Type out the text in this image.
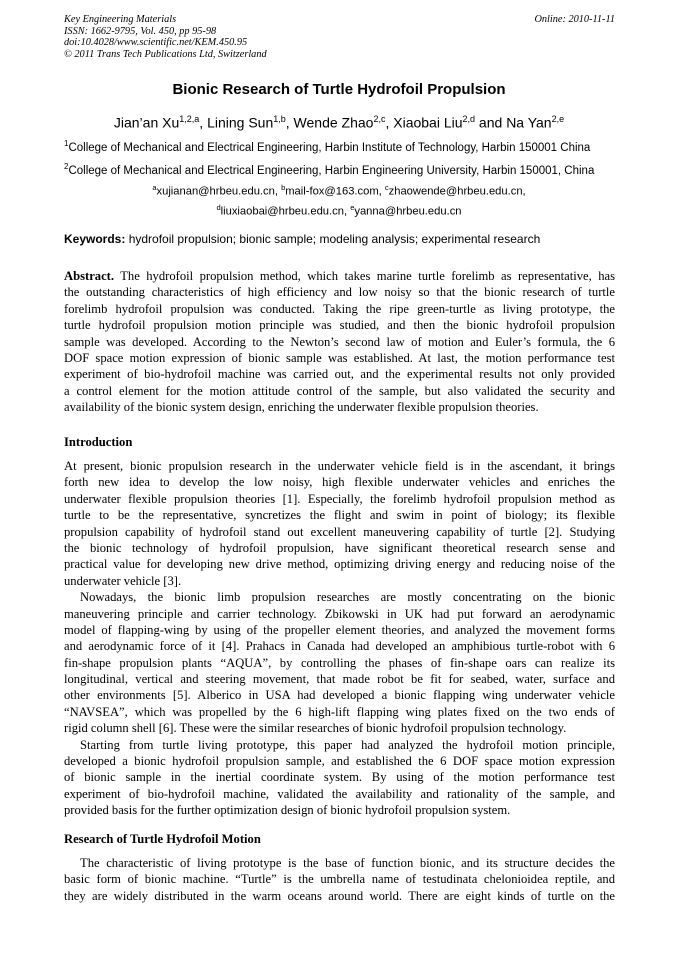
Key Engineering Materials
ISSN: 1662-9795, Vol. 450, pp 95-98
doi:10.4028/www.scientific.net/KEM.450.95
© 2011 Trans Tech Publications Ltd, Switzerland
Online: 2010-11-11
Bionic Research of Turtle Hydrofoil Propulsion
Jian’an Xu$^{1,2,a}$, Lining Sun$^{1,b}$, Wende Zhao$^{2,c}$, Xiaobai Liu$^{2,d}$ and Na Yan$^{2,e}$
$^1$College of Mechanical and Electrical Engineering, Harbin Institute of Technology, Harbin 150001 China
$^2$College of Mechanical and Electrical Engineering, Harbin Engineering University, Harbin 150001, China
$^a$xujianan@hrbeu.edu.cn, $^b$mail-fox@163.com, $^c$zhaowende@hrbeu.edu.cn,
$^d$liuxiaobai@hrbeu.edu.cn, $^e$yanna@hrbeu.edu.cn
Keywords: hydrofoil propulsion; bionic sample; modeling analysis; experimental research
Abstract. The hydrofoil propulsion method, which takes marine turtle forelimb as representative, has
the outstanding characteristics of high efficiency and low noisy so that the bionic research of turtle
forelimb hydrofoil propulsion was conducted. Taking the ripe green-turtle as living prototype, the
turtle hydrofoil propulsion motion principle was studied, and then the bionic hydrofoil propulsion
sample was developed. According to the Newton’s second law of motion and Euler’s formula, the 6
DOF space motion expression of bionic sample was established. At last, the motion performance test
experiment of bio-hydrofoil machine was carried out, and the experimental results not only provided
a control element for the motion attitude control of the sample, but also validated the security and
availability of the bionic system design, enriching the underwater flexible propulsion theories.
Introduction
At present, bionic propulsion research in the underwater vehicle field is in the ascendant, it brings
forth new idea to develop the low noisy, high flexible underwater vehicles and enriches the
underwater flexible propulsion theories [1]. Especially, the forelimb hydrofoil propulsion method as
turtle to be the representative, syncretizes the flight and swim in point of biology; its flexible
propulsion capability of hydrofoil stand out excellent maneuvering capability of turtle [2]. Studying
the bionic technology of hydrofoil propulsion, have significant theoretical research sense and
practical value for developing new drive method, optimizing driving energy and reducing noise of the
underwater vehicle [3].
Nowadays, the bionic limb propulsion researches are mostly concentrating on the bionic
maneuvering principle and carrier technology. Zbikowski in UK had put forward an aerodynamic
model of flapping-wing by using of the propeller element theories, and analyzed the movement forms
and aerodynamic force of it [4]. Prahacs in Canada had developed an amphibious turtle-robot with 6
fin-shape propulsion plants “AQUA”, by controlling the phases of fin-shape oars can realize its
longitudinal, vertical and steering movement, that made robot be fit for seabed, water, surface and
other environments [5]. Alberico in USA had developed a bionic flapping wing underwater vehicle
“NAVSEA”, which was propelled by the 6 high-lift flapping wing plates fixed on the two ends of
rigid column shell [6]. These were the similar researches of bionic hydrofoil propulsion technology.
Starting from turtle living prototype, this paper had analyzed the hydrofoil motion principle,
developed a bionic hydrofoil propulsion sample, and established the 6 DOF space motion expression
of bionic sample in the inertial coordinate system. By using of the motion performance test
experiment of bio-hydrofoil machine, validated the availability and rationality of the sample, and
provided basis for the further optimization design of bionic hydrofoil propulsion system.
Research of Turtle Hydrofoil Motion
The characteristic of living prototype is the base of function bionic, and its structure decides the
basic form of bionic machine. “Turtle” is the umbrella name of testudinata chelonioidea reptile, and
they are widely distributed in the warm oceans around world. There are eight kinds of turtle on the
